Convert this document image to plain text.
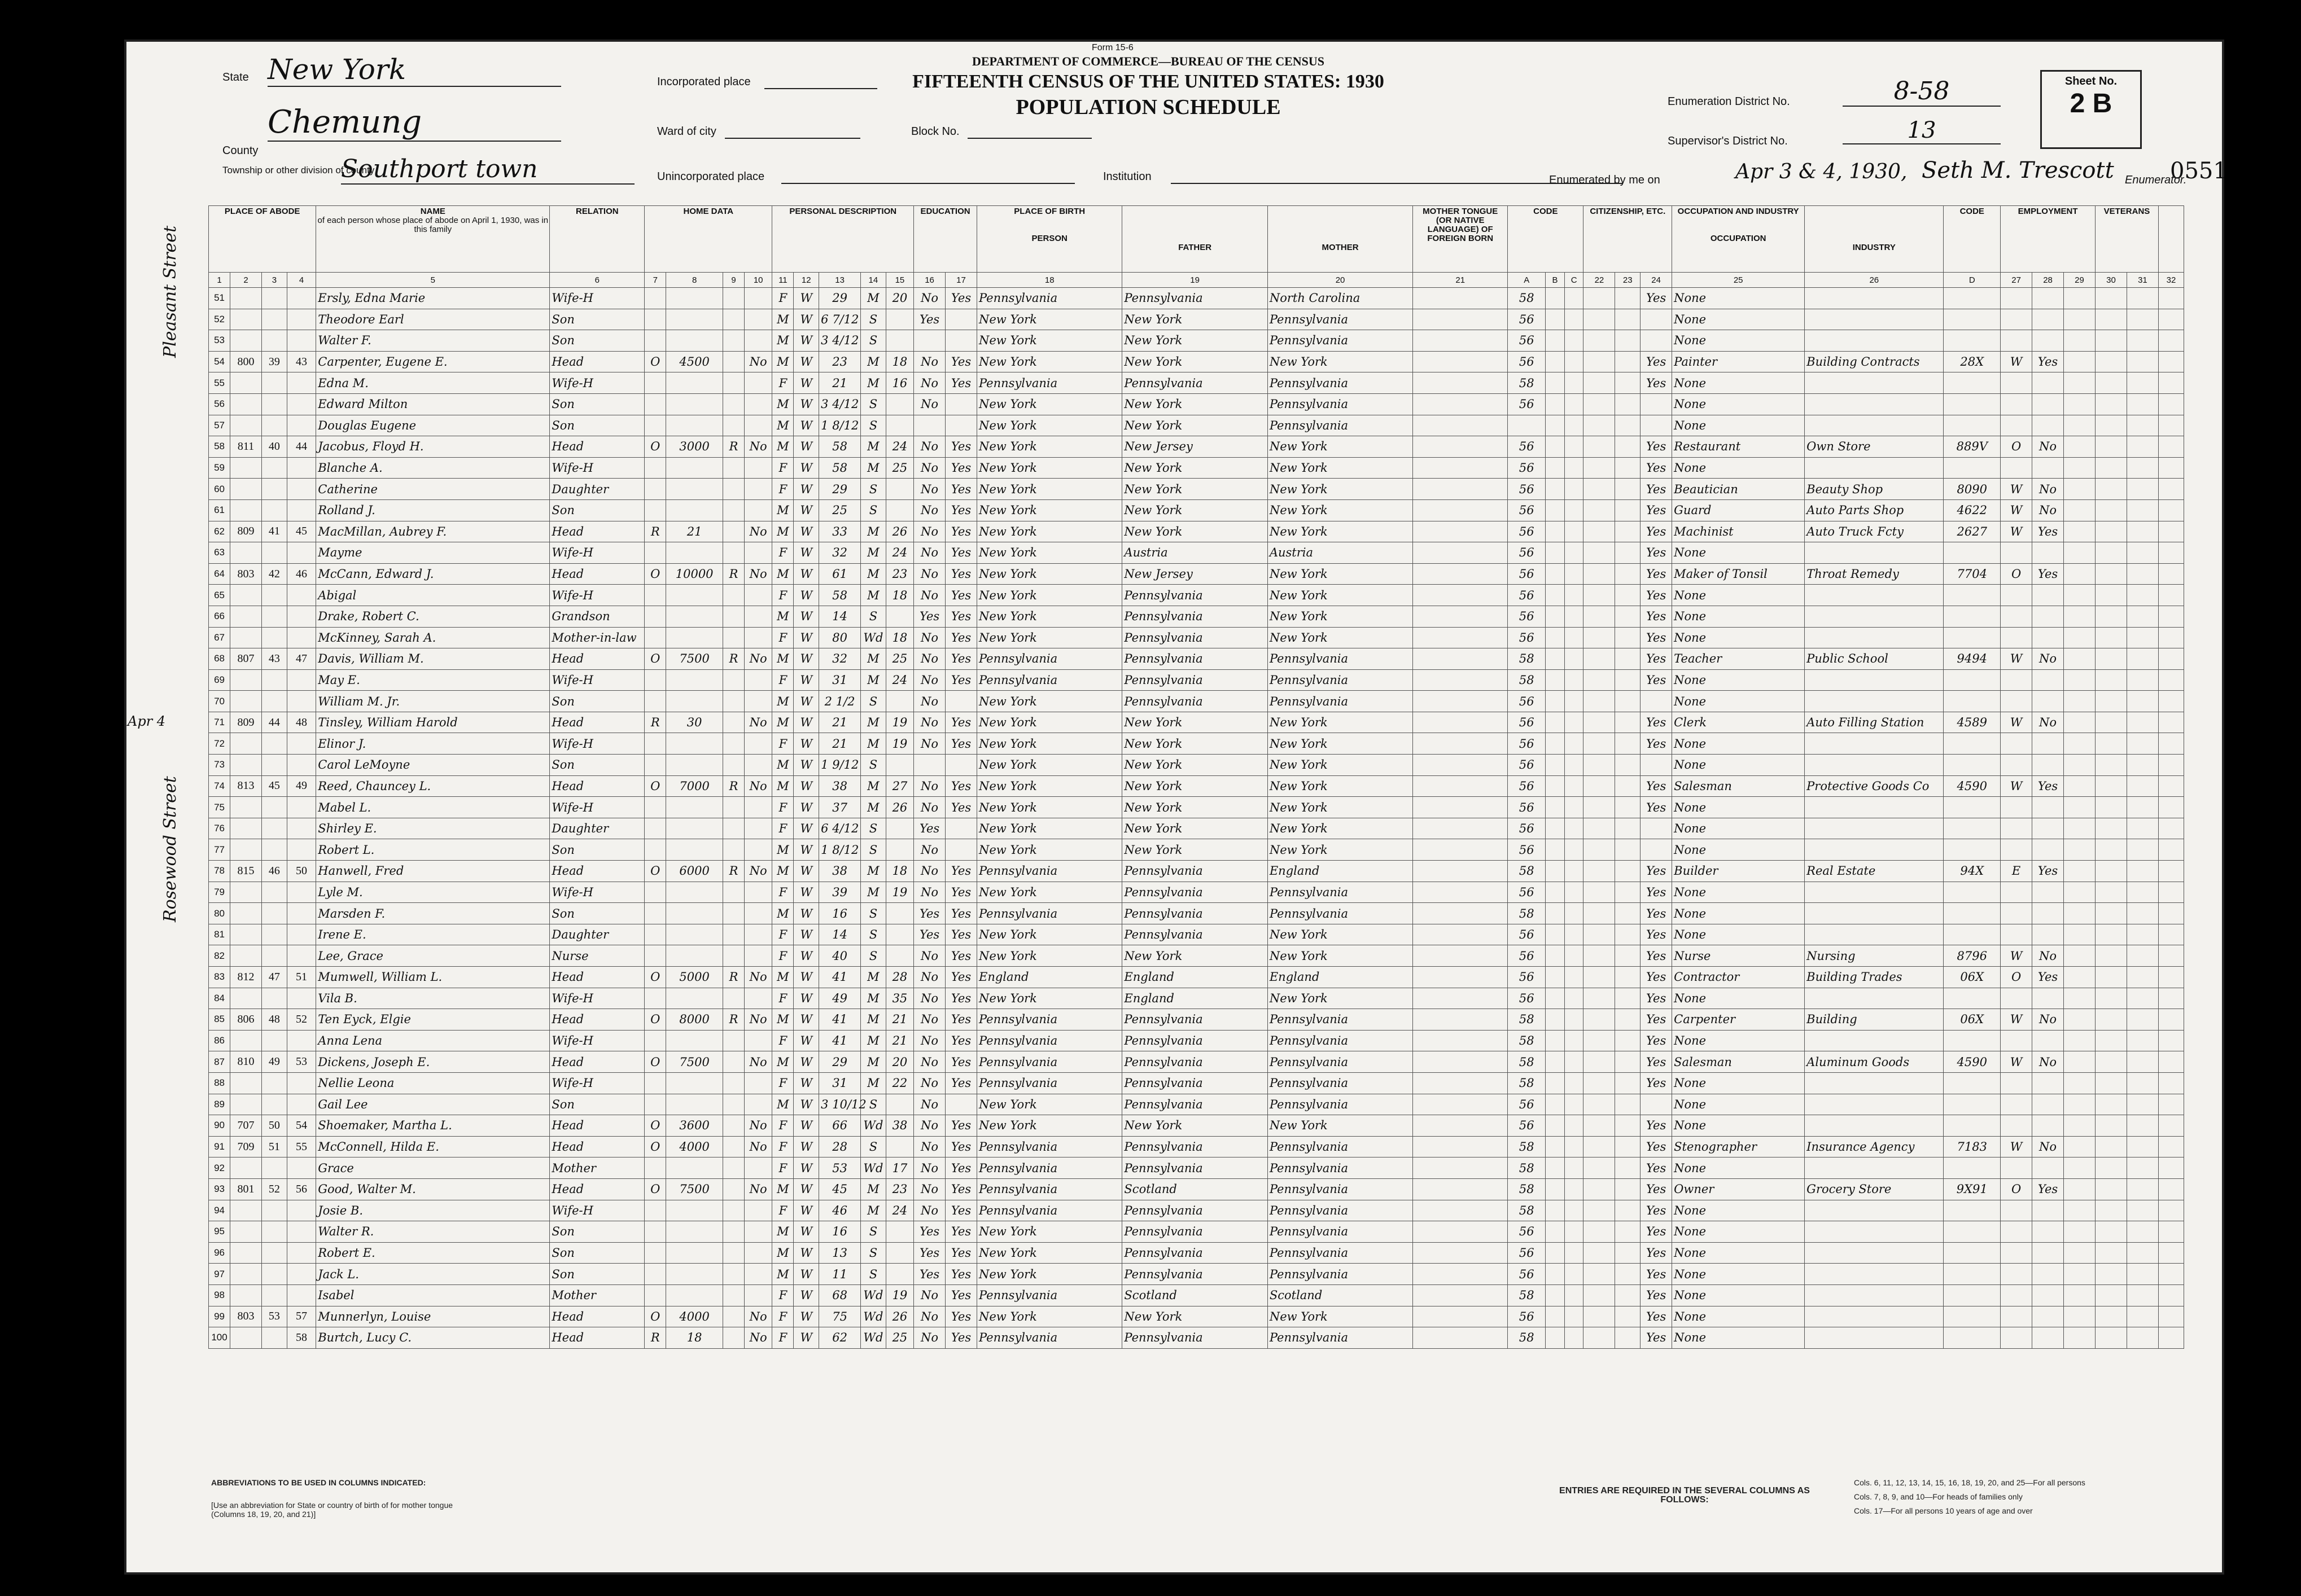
Form 15-6
DEPARTMENT OF COMMERCE—BUREAU OF THE CENSUS
FIFTEENTH CENSUS OF THE UNITED STATES: 1930
POPULATION SCHEDULE
State New York
County
Chemung
Township or other division of county
Southport town
Incorporated place
Ward of city	Block No.
Unincorporated place	Institution
Enumeration District No.	8-58
Supervisor's District No.	13
Sheet No.
2 B
Enumerated by me on	Apr 3 & 4, 1930, Seth M. Trescott Enumerator.
0551
PLACE OF ABODE				NAME
of each person whose place of abode on April 1, 1930, was in this family	RELATION	HOME DATA				PERSONAL DESCRIPTION					EDUCATION		PLACE OF BIRTH

PERSON	FATHER	MOTHER	MOTHER TONGUE (OR NATIVE LANGUAGE) OF FOREIGN BORN	CODE			CITIZENSHIP, ETC.			OCCUPATION AND INDUSTRY

OCCUPATION	INDUSTRY	CODE	EMPLOYMENT			VETERANS		
1	2	3	4	5	6	7	8	9	10	11	12	13	14	15	16	17	18	19	20	21	A	B	C	22	23	24	25	26	D	27	28	29	30	31	32
51				Ersly, Edna Marie	Wife-H					F	W	29	M	20	No	Yes	Pennsylvania	Pennsylvania	North Carolina		58					Yes	None								
52				Theodore Earl	Son					M	W	6 7/12	S		Yes		New York	New York	Pennsylvania		56						None								
53				Walter F.	Son					M	W	3 4/12	S				New York	New York	Pennsylvania		56						None								
54	800	39	43	Carpenter, Eugene E.	Head	O	4500		No	M	W	23	M	18	No	Yes	New York	New York	New York		56					Yes	Painter	Building Contracts	28X	W	Yes				
55				Edna M.	Wife-H					F	W	21	M	16	No	Yes	Pennsylvania	Pennsylvania	Pennsylvania		58					Yes	None								
56				Edward Milton	Son					M	W	3 4/12	S		No		New York	New York	Pennsylvania		56						None								
57				Douglas Eugene	Son					M	W	1 8/12	S				New York	New York	Pennsylvania								None								
58	811	40	44	Jacobus, Floyd H.	Head	O	3000	R	No	M	W	58	M	24	No	Yes	New York	New Jersey	New York		56					Yes	Restaurant	Own Store	889V	O	No				
59				Blanche A.	Wife-H					F	W	58	M	25	No	Yes	New York	New York	New York		56					Yes	None								
60				Catherine	Daughter					F	W	29	S		No	Yes	New York	New York	New York		56					Yes	Beautician	Beauty Shop	8090	W	No				
61				Rolland J.	Son					M	W	25	S		No	Yes	New York	New York	New York		56					Yes	Guard	Auto Parts Shop	4622	W	No				
62	809	41	45	MacMillan, Aubrey F.	Head	R	21		No	M	W	33	M	26	No	Yes	New York	New York	New York		56					Yes	Machinist	Auto Truck Fcty	2627	W	Yes				
63				Mayme	Wife-H					F	W	32	M	24	No	Yes	New York	Austria	Austria		56					Yes	None								
64	803	42	46	McCann, Edward J.	Head	O	10000	R	No	M	W	61	M	23	No	Yes	New York	New Jersey	New York		56					Yes	Maker of Tonsil	Throat Remedy	7704	O	Yes				
65				Abigal	Wife-H					F	W	58	M	18	No	Yes	New York	Pennsylvania	New York		56					Yes	None								
66				Drake, Robert C.	Grandson					M	W	14	S		Yes	Yes	New York	Pennsylvania	New York		56					Yes	None								
67				McKinney, Sarah A.	Mother-in-law					F	W	80	Wd	18	No	Yes	New York	Pennsylvania	New York		56					Yes	None								
68	807	43	47	Davis, William M.	Head	O	7500	R	No	M	W	32	M	25	No	Yes	Pennsylvania	Pennsylvania	Pennsylvania		58					Yes	Teacher	Public School	9494	W	No				
69				May E.	Wife-H					F	W	31	M	24	No	Yes	Pennsylvania	Pennsylvania	Pennsylvania		58					Yes	None								
70				William M. Jr.	Son					M	W	2 1/2	S		No		New York	Pennsylvania	Pennsylvania		56						None								
71	809	44	48	Tinsley, William Harold	Head	R	30		No	M	W	21	M	19	No	Yes	New York	New York	New York		56					Yes	Clerk	Auto Filling Station	4589	W	No				
72				Elinor J.	Wife-H					F	W	21	M	19	No	Yes	New York	New York	New York		56					Yes	None								
73				Carol LeMoyne	Son					M	W	1 9/12	S				New York	New York	New York		56						None								
74	813	45	49	Reed, Chauncey L.	Head	O	7000	R	No	M	W	38	M	27	No	Yes	New York	New York	New York		56					Yes	Salesman	Protective Goods Co	4590	W	Yes				
75				Mabel L.	Wife-H					F	W	37	M	26	No	Yes	New York	New York	New York		56					Yes	None								
76				Shirley E.	Daughter					F	W	6 4/12	S		Yes		New York	New York	New York		56						None								
77				Robert L.	Son					M	W	1 8/12	S		No		New York	New York	New York		56						None								
78	815	46	50	Hanwell, Fred	Head	O	6000	R	No	M	W	38	M	18	No	Yes	Pennsylvania	Pennsylvania	England		58					Yes	Builder	Real Estate	94X	E	Yes				
79				Lyle M.	Wife-H					F	W	39	M	19	No	Yes	New York	Pennsylvania	Pennsylvania		56					Yes	None								
80				Marsden F.	Son					M	W	16	S		Yes	Yes	Pennsylvania	Pennsylvania	Pennsylvania		58					Yes	None								
81				Irene E.	Daughter					F	W	14	S		Yes	Yes	New York	Pennsylvania	New York		56					Yes	None								
82				Lee, Grace	Nurse					F	W	40	S		No	Yes	New York	New York	New York		56					Yes	Nurse	Nursing	8796	W	No				
83	812	47	51	Mumwell, William L.	Head	O	5000	R	No	M	W	41	M	28	No	Yes	England	England	England		56					Yes	Contractor	Building Trades	06X	O	Yes				
84				Vila B.	Wife-H					F	W	49	M	35	No	Yes	New York	England	New York		56					Yes	None								
85	806	48	52	Ten Eyck, Elgie	Head	O	8000	R	No	M	W	41	M	21	No	Yes	Pennsylvania	Pennsylvania	Pennsylvania		58					Yes	Carpenter	Building	06X	W	No				
86				Anna Lena	Wife-H					F	W	41	M	21	No	Yes	Pennsylvania	Pennsylvania	Pennsylvania		58					Yes	None								
87	810	49	53	Dickens, Joseph E.	Head	O	7500		No	M	W	29	M	20	No	Yes	Pennsylvania	Pennsylvania	Pennsylvania		58					Yes	Salesman	Aluminum Goods	4590	W	No				
88				Nellie Leona	Wife-H					F	W	31	M	22	No	Yes	Pennsylvania	Pennsylvania	Pennsylvania		58					Yes	None								
89				Gail Lee	Son					M	W	3 10/12	S		No		New York	Pennsylvania	Pennsylvania		56						None								
90	707	50	54	Shoemaker, Martha L.	Head	O	3600		No	F	W	66	Wd	38	No	Yes	New York	New York	New York		56					Yes	None								
91	709	51	55	McConnell, Hilda E.	Head	O	4000		No	F	W	28	S		No	Yes	Pennsylvania	Pennsylvania	Pennsylvania		58					Yes	Stenographer	Insurance Agency	7183	W	No				
92				Grace	Mother					F	W	53	Wd	17	No	Yes	Pennsylvania	Pennsylvania	Pennsylvania		58					Yes	None								
93	801	52	56	Good, Walter M.	Head	O	7500		No	M	W	45	M	23	No	Yes	Pennsylvania	Scotland	Pennsylvania		58					Yes	Owner	Grocery Store	9X91	O	Yes				
94				Josie B.	Wife-H					F	W	46	M	24	No	Yes	Pennsylvania	Pennsylvania	Pennsylvania		58					Yes	None								
95				Walter R.	Son					M	W	16	S		Yes	Yes	New York	Pennsylvania	Pennsylvania		56					Yes	None								
96				Robert E.	Son					M	W	13	S		Yes	Yes	New York	Pennsylvania	Pennsylvania		56					Yes	None								
97				Jack L.	Son					M	W	11	S		Yes	Yes	New York	Pennsylvania	Pennsylvania		56					Yes	None								
98				Isabel	Mother					F	W	68	Wd	19	No	Yes	Pennsylvania	Scotland	Scotland		58					Yes	None								
99	803	53	57	Munnerlyn, Louise	Head	O	4000		No	F	W	75	Wd	26	No	Yes	New York	New York	New York		56					Yes	None								
100			58	Burtch, Lucy C.	Head	R	18		No	F	W	62	Wd	25	No	Yes	Pennsylvania	Pennsylvania	Pennsylvania		58					Yes	None								
Pleasant Street
Rosewood Street
Apr 4
ABBREVIATIONS TO BE USED IN COLUMNS INDICATED:
[Use an abbreviation for State or country of birth of for mother tongue (Columns 18, 19, 20, and 21)]
ENTRIES ARE REQUIRED IN THE SEVERAL COLUMNS AS FOLLOWS:
Cols. 6, 11, 12, 13, 14, 15, 16, 18, 19, 20, and 25—For all persons
Cols. 7, 8, 9, and 10—For heads of families only
Cols. 17—For all persons 10 years of age and over
